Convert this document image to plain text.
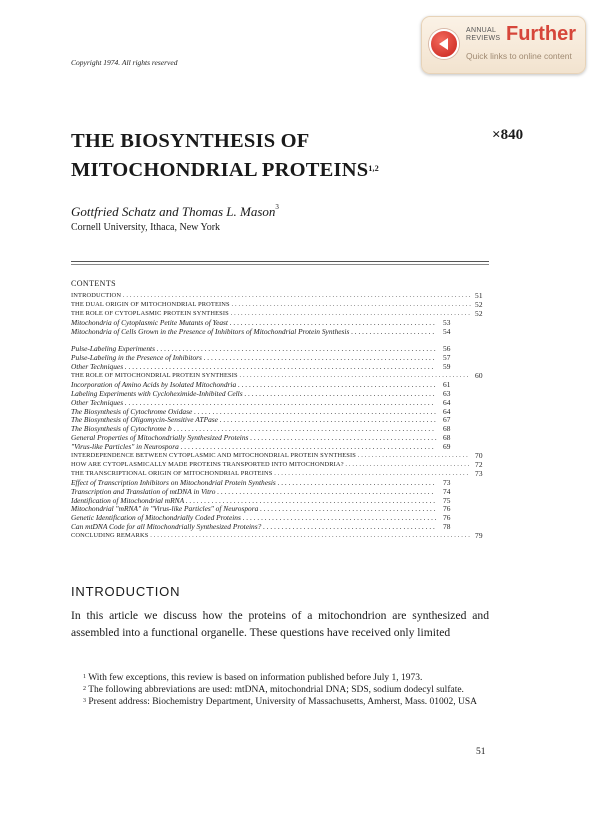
Copyright 1974. All rights reserved
ANNUAL
REVIEWS Further
Quick links to online content
THE BIOSYNTHESIS OF
MITOCHONDRIAL PROTEINS$^{1,2}$
×840
Gottfried Schatz and Thomas L. Mason$^3$
Cornell University, Ithaca, New York
CONTENTS
INTRODUCTION . . . . . . . . . . . . . . . . . . . . . . . . . . . . . . . . . . . . . . . . . . . . . . . . . . . . . . . . . . . . . . . . . . . . . . . . . . . . . . . . . . . . . . . . . . . . . . . . . . . . 51
THE DUAL ORIGIN OF MITOCHONDRIAL PROTEINS . . . . . . . . . . . . . . . . . . . . . . . . . . . . . . . . . . . . . . . . . . . . . . . . . . . . . . . . . . . . . . . . . . . . . 52
THE ROLE OF CYTOPLASMIC PROTEIN SYNTHESIS . . . . . . . . . . . . . . . . . . . . . . . . . . . . . . . . . . . . . . . . . . . . . . . . . . . . . . . . . . . . . . . . . . . . . 52
Mitochondria of Cytoplasmic Petite Mutants of Yeast . . . . . . . . . . . . . . . . . . . . . . . . . . . . . . . . . . . . . . . . . . . . . . . . . . . . . . . .	53
Mitochondria of Cells Grown in the Presence of Inhibitors of Mitochondrial Protein Synthesis . . . . . . . . . . . . . . . . . . . . . . .	54
Pulse-Labeling Experiments . . . . . . . . . . . . . . . . . . . . . . . . . . . . . . . . . . . . . . . . . . . . . . . . . . . . . . . . . . . . . . . . . . . . . . . . . . . . 56
Pulse-Labeling in the Presence of Inhibitors . . . . . . . . . . . . . . . . . . . . . . . . . . . . . . . . . . . . . . . . . . . . . . . . . . . . . . . . . . . . . . .	57
Other Techniques . . . . . . . . . . . . . . . . . . . . . . . . . . . . . . . . . . . . . . . . . . . . . . . . . . . . . . . . . . . . . . . . . . . . . . . . . . . . . . . . . . . .	59
THE ROLE OF MITOCHONDRIAL PROTEIN SYNTHESIS . . . . . . . . . . . . . . . . . . . . . . . . . . . . . . . . . . . . . . . . . . . . . . . . . . . . . . . . . . . . . . . . . . 60
Incorporation of Amino Acids by Isolated Mitochondria . . . . . . . . . . . . . . . . . . . . . . . . . . . . . . . . . . . . . . . . . . . . . . . . . . . . . . 61
Labeling Experiments with Cycloheximide-Inhibited Cells . . . . . . . . . . . . . . . . . . . . . . . . . . . . . . . . . . . . . . . . . . . . . . . . . . . .	63
Other Techniques . . . . . . . . . . . . . . . . . . . . . . . . . . . . . . . . . . . . . . . . . . . . . . . . . . . . . . . . . . . . . . . . . . . . . . . . . . . . . . . . . . . .	64
The Biosynthesis of Cytochrome Oxidase . . . . . . . . . . . . . . . . . . . . . . . . . . . . . . . . . . . . . . . . . . . . . . . . . . . . . . . . . . . . . . . . . . 64
The Biosynthesis of Oligomycin-Sensitive ATPase . . . . . . . . . . . . . . . . . . . . . . . . . . . . . . . . . . . . . . . . . . . . . . . . . . . . . . . . . . . 67
The Biosynthesis of Cytochrome b . . . . . . . . . . . . . . . . . . . . . . . . . . . . . . . . . . . . . . . . . . . . . . . . . . . . . . . . . . . . . . . . . . . . . . .	68
General Properties of Mitochondrially Synthesized Proteins . . . . . . . . . . . . . . . . . . . . . . . . . . . . . . . . . . . . . . . . . . . . . . . . . . . 68
"Virus-like Particles" in Neurospora . . . . . . . . . . . . . . . . . . . . . . . . . . . . . . . . . . . . . . . . . . . . . . . . . . . . . . . . . . . . . . . . . . . . .	69
INTERDEPENDENCE BETWEEN CYTOPLASMIC AND MITOCHONDRIAL PROTEIN SYNTHESIS . . . . . . . . . . . . . . . . . . . . . . . . . . . . . . . . 70
HOW ARE CYTOPLASMICALLY MADE PROTEINS TRANSPORTED INTO MITOCHONDRIA? . . . . . . . . . . . . . . . . . . . . . . . . . . . . . . . . . . . . 72
THE TRANSCRIPTIONAL ORIGIN OF MITOCHONDRIAL PROTEINS . . . . . . . . . . . . . . . . . . . . . . . . . . . . . . . . . . . . . . . . . . . . . . . . . . . . . . . . 73
Effect of Transcription Inhibitors on Mitochondrial Protein Synthesis . . . . . . . . . . . . . . . . . . . . . . . . . . . . . . . . . . . . . . . . . . .	73
Transcription and Translation of mtDNA in Vitro . . . . . . . . . . . . . . . . . . . . . . . . . . . . . . . . . . . . . . . . . . . . . . . . . . . . . . . . . . .	74
Identification of Mitochondrial mRNA . . . . . . . . . . . . . . . . . . . . . . . . . . . . . . . . . . . . . . . . . . . . . . . . . . . . . . . . . . . . . . . . . . . .	75
Mitochondrial "mRNA" in "Virus-like Particles" of Neurospora . . . . . . . . . . . . . . . . . . . . . . . . . . . . . . . . . . . . . . . . . . . . . . . . 76
Genetic Identification of Mitochondrially Coded Proteins . . . . . . . . . . . . . . . . . . . . . . . . . . . . . . . . . . . . . . . . . . . . . . . . . . . . . 76
Can mtDNA Code for all Mitochondrially Synthesized Proteins? . . . . . . . . . . . . . . . . . . . . . . . . . . . . . . . . . . . . . . . . . . . . . . .	78
CONCLUDING REMARKS . . . . . . . . . . . . . . . . . . . . . . . . . . . . . . . . . . . . . . . . . . . . . . . . . . . . . . . . . . . . . . . . . . . . . . . . . . . . . . . . . . . . . . . . . . . . 79
INTRODUCTION
In this article we discuss how the proteins of a mitochondrion are synthesized and assembled into a functional organelle. These questions have received only limited
$^1$ With few exceptions, this review is based on information published before July 1, 1973.
$^2$ The following abbreviations are used: mtDNA, mitochondrial DNA; SDS, sodium dodecyl sulfate.
$^3$ Present address: Biochemistry Department, University of Massachusetts, Amherst, Mass. 01002, USA
51
